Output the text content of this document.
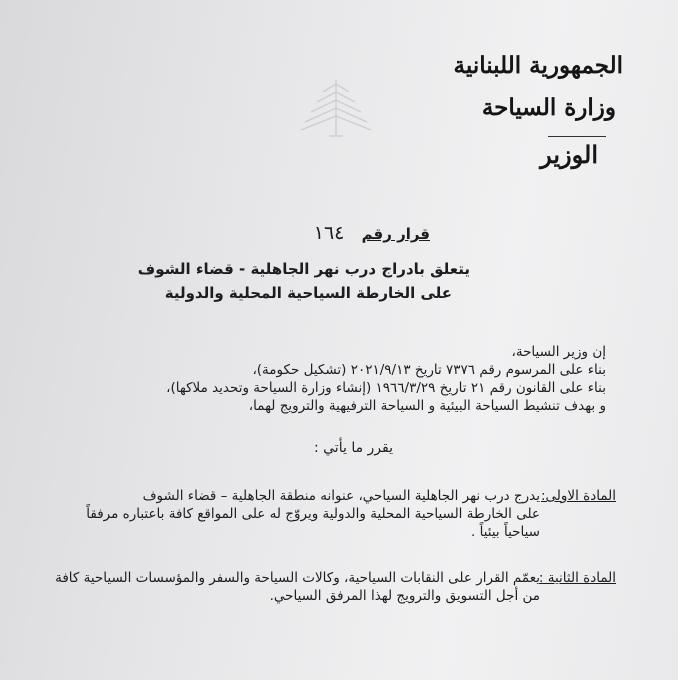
الجمهورية اللبنانية
وزارة السياحة
الوزير
قرار رقم ١٦٤
يتعلق بادراج درب نهر الجاهلية - قضاء الشوف
على الخارطة السياحية المحلية والدولية
إن وزير السياحة،
بناء على المرسوم رقم ٧٣٧٦ تاريخ ٢٠٢١/٩/١٣ (تشكيل حكومة)،
بناء على القانون رقم ٢١ تاريخ ١٩٦٦/٣/٢٩ (إنشاء وزارة السياحة وتحديد ملاكها)،
و بهدف تنشيط السياحة البيئية و السياحة الترفيهية والترويج لهما،
يقرر ما يأتي :
المادة الاولى:
يدرج درب نهر الجاهلية السياحي، عنوانه منطقة الجاهلية – قضاء الشوف
على الخارطة السياحية المحلية والدولية ويروّج له على المواقع كافة باعتباره مرفقاً
سياحياً بيئياً .
المادة الثانية :
يعمّم القرار على النقابات السياحية، وكالات السياحة والسفر والمؤسسات السياحية كافة
من أجل التسويق والترويج لهذا المرفق السياحي.
